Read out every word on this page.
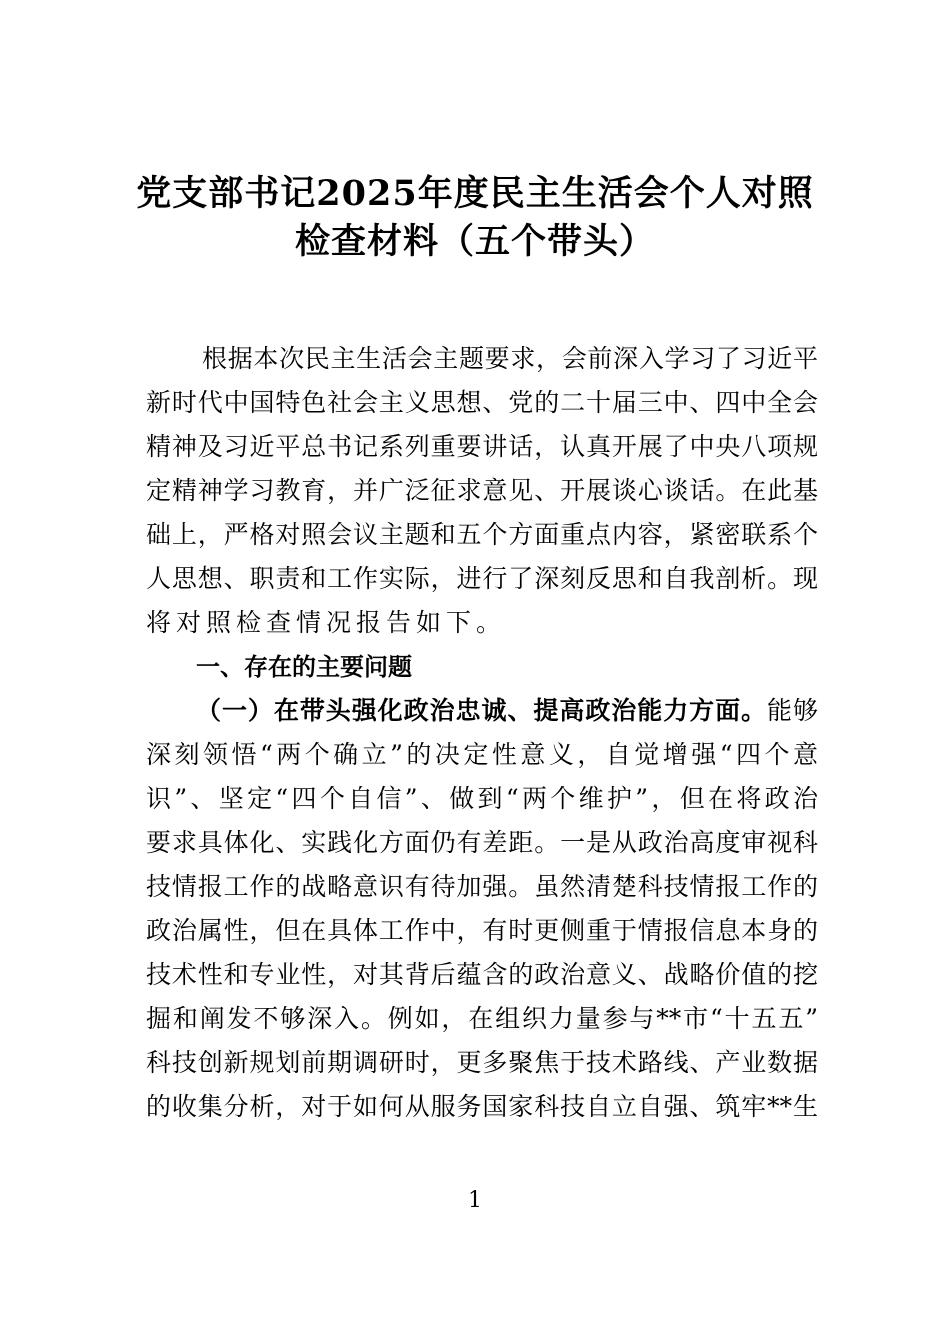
党支部书记2025年度民主生活会个人对照
检查材料（五个带头）
根据本次民主生活会主题要求，会前深入学习了习近平
新时代中国特色社会主义思想、党的二十届三中、四中全会
精神及习近平总书记系列重要讲话，认真开展了中央八项规
定精神学习教育，并广泛征求意见、开展谈心谈话。在此基
础上，严格对照会议主题和五个方面重点内容，紧密联系个
人思想、职责和工作实际，进行了深刻反思和自我剖析。现
将对照检查情况报告如下。
一、存在的主要问题
（一）在带头强化政治忠诚、提高政治能力方面。能够
深刻领悟“两个确立”的决定性意义，自觉增强“四个意
识”、坚定“四个自信”、做到“两个维护”，但在将政治
要求具体化、实践化方面仍有差距。一是从政治高度审视科
技情报工作的战略意识有待加强。虽然清楚科技情报工作的
政治属性，但在具体工作中，有时更侧重于情报信息本身的
技术性和专业性，对其背后蕴含的政治意义、战略价值的挖
掘和阐发不够深入。例如，在组织力量参与**市“十五五”
科技创新规划前期调研时，更多聚焦于技术路线、产业数据
的收集分析，对于如何从服务国家科技自立自强、筑牢**生
1
